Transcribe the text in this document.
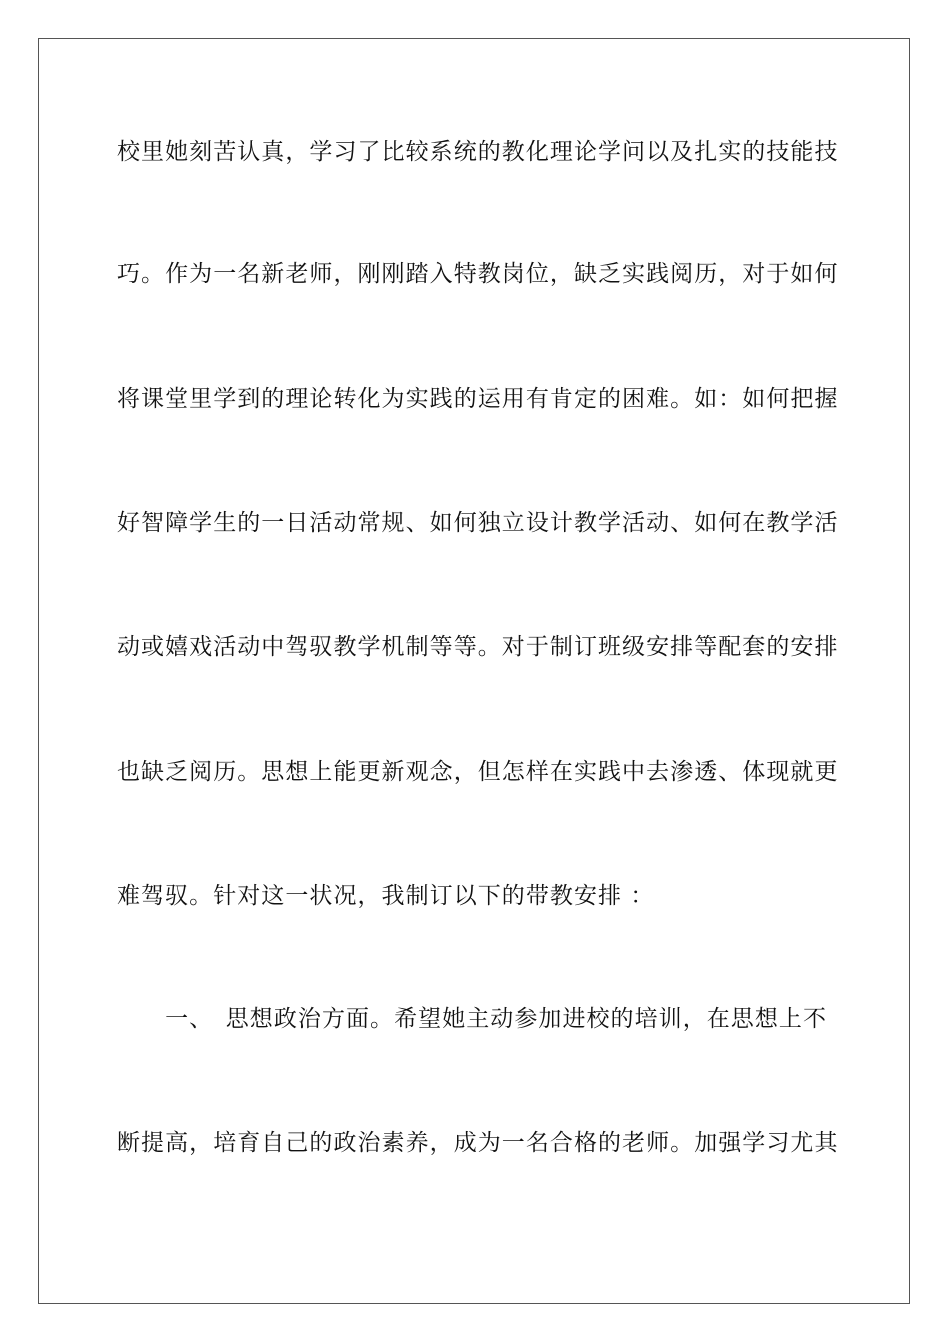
校里她刻苦认真，学习了比较系统的教化理论学问以及扎实的技能技
巧。作为一名新老师，刚刚踏入特教岗位，缺乏实践阅历，对于如何
将课堂里学到的理论转化为实践的运用有肯定的困难。如：如何把握
好智障学生的一日活动常规、如何独立设计教学活动、如何在教学活
动或嬉戏活动中驾驭教学机制等等。对于制订班级安排等配套的安排
也缺乏阅历。思想上能更新观念，但怎样在实践中去渗透、体现就更
难驾驭。针对这一状况，我制订以下的带教安排 ：
　　一、　思想政治方面。希望她主动参加进校的培训，在思想上不
断提高，培育自己的政治素养，成为一名合格的老师。加强学习尤其
